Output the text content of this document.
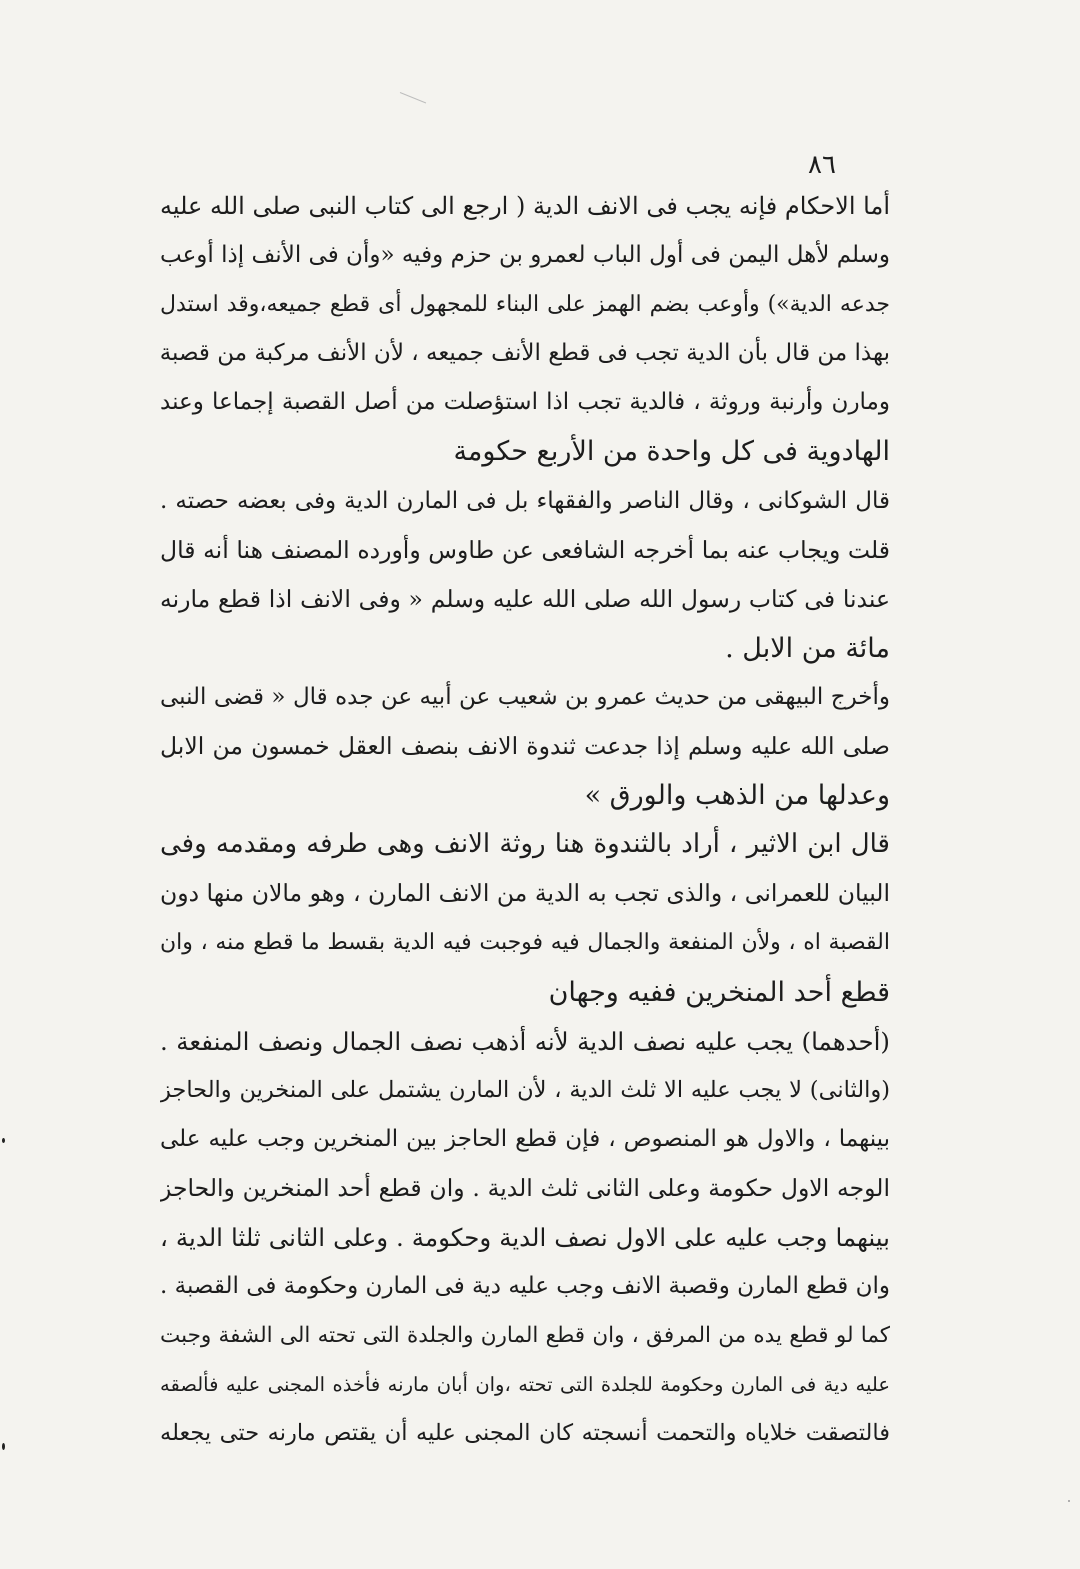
٨٦
أما الاحكام فإنه يجب فى الانف الدية ( ارجع الى كتاب النبى صلى الله عليه
وسلم لأهل اليمن فى أول الباب لعمرو بن حزم وفيه «وأن فى الأنف إذا أوعب
جدعه الدية») وأوعب بضم الهمز على البناء للمجهول أى قطع جميعه،وقد استدل
بهذا من قال بأن الدية تجب فى قطع الأنف جميعه ، لأن الأنف مركبة من قصبة
ومارن وأرنبة وروثة ، فالدية تجب اذا استؤصلت من أصل القصبة إجماعا وعند
الهادوية فى كل واحدة من الأربع حكومة
قال الشوكانى ، وقال الناصر والفقهاء بل فى المارن الدية وفى بعضه حصته .
قلت ويجاب عنه بما أخرجه الشافعى عن طاوس وأورده المصنف هنا أنه قال
عندنا فى كتاب رسول الله صلى الله عليه وسلم « وفى الانف اذا قطع مارنه
مائة من الابل .
وأخرج البيهقى من حديث عمرو بن شعيب عن أبيه عن جده قال « قضى النبى
صلى الله عليه وسلم إذا جدعت ثندوة الانف بنصف العقل خمسون من الابل
وعدلها من الذهب والورق »
قال ابن الاثير ، أراد بالثندوة هنا روثة الانف وهى طرفه ومقدمه وفى
البيان للعمرانى ، والذى تجب به الدية من الانف المارن ، وهو مالان منها دون
القصبة اه ، ولأن المنفعة والجمال فيه فوجبت فيه الدية بقسط ما قطع منه ، وان
قطع أحد المنخرين ففيه وجهان
(أحدهما) يجب عليه نصف الدية لأنه أذهب نصف الجمال ونصف المنفعة .
(والثانى) لا يجب عليه الا ثلث الدية ، لأن المارن يشتمل على المنخرين والحاجز
بينهما ، والاول هو المنصوص ، فإن قطع الحاجز بين المنخرين وجب عليه على
الوجه الاول حكومة وعلى الثانى ثلث الدية . وان قطع أحد المنخرين والحاجز
بينهما وجب عليه على الاول نصف الدية وحكومة . وعلى الثانى ثلثا الدية ،
وان قطع المارن وقصبة الانف وجب عليه دية فى المارن وحكومة فى القصبة .
كما لو قطع يده من المرفق ، وان قطع المارن والجلدة التى تحته الى الشفة وجبت
عليه دية فى المارن وحكومة للجلدة التى تحته ،وان أبان مارنه فأخذه المجنى عليه فألصقه
فالتصقت خلاياه والتحمت أنسجته كان المجنى عليه أن يقتص مارنه حتى يجعله
